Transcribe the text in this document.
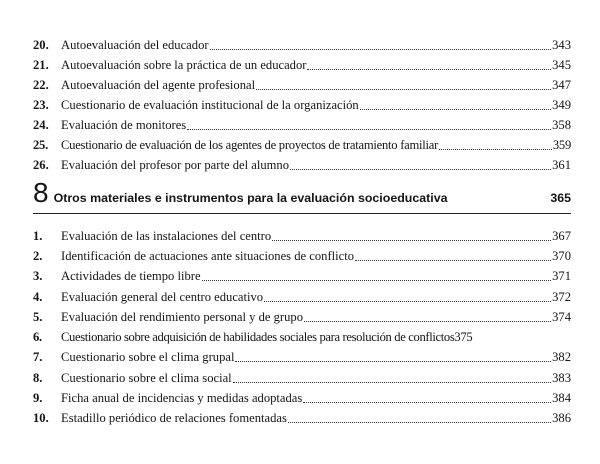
20. Autoevaluación del educador	343
21. Autoevaluación sobre la práctica de un educador	345
22. Autoevaluación del agente profesional	347
23. Cuestionario de evaluación institucional de la organización	349
24. Evaluación de monitores	358
25.	Cuestionario de evaluación de los agentes de proyectos de tratamiento familiar	359
26. Evaluación del profesor por parte del alumno	361
8 Otros materiales e instrumentos para la evaluación socioeducativa	365
1.	Evaluación de las instalaciones del centro	367
2.	Identificación de actuaciones ante situaciones de conflicto	370
3.	Actividades de tiempo libre	371
4.	Evaluación general del centro educativo	372
5.	Evaluación del rendimiento personal y de grupo	374
6.	Cuestionario sobre adquisición de habilidades sociales para resolución de conflictos 375
7.	Cuestionario sobre el clima grupal	382
8.	Cuestionario sobre el clima social	383
9.	Ficha anual de incidencias y medidas adoptadas	384
10. Estadillo periódico de relaciones fomentadas	386
